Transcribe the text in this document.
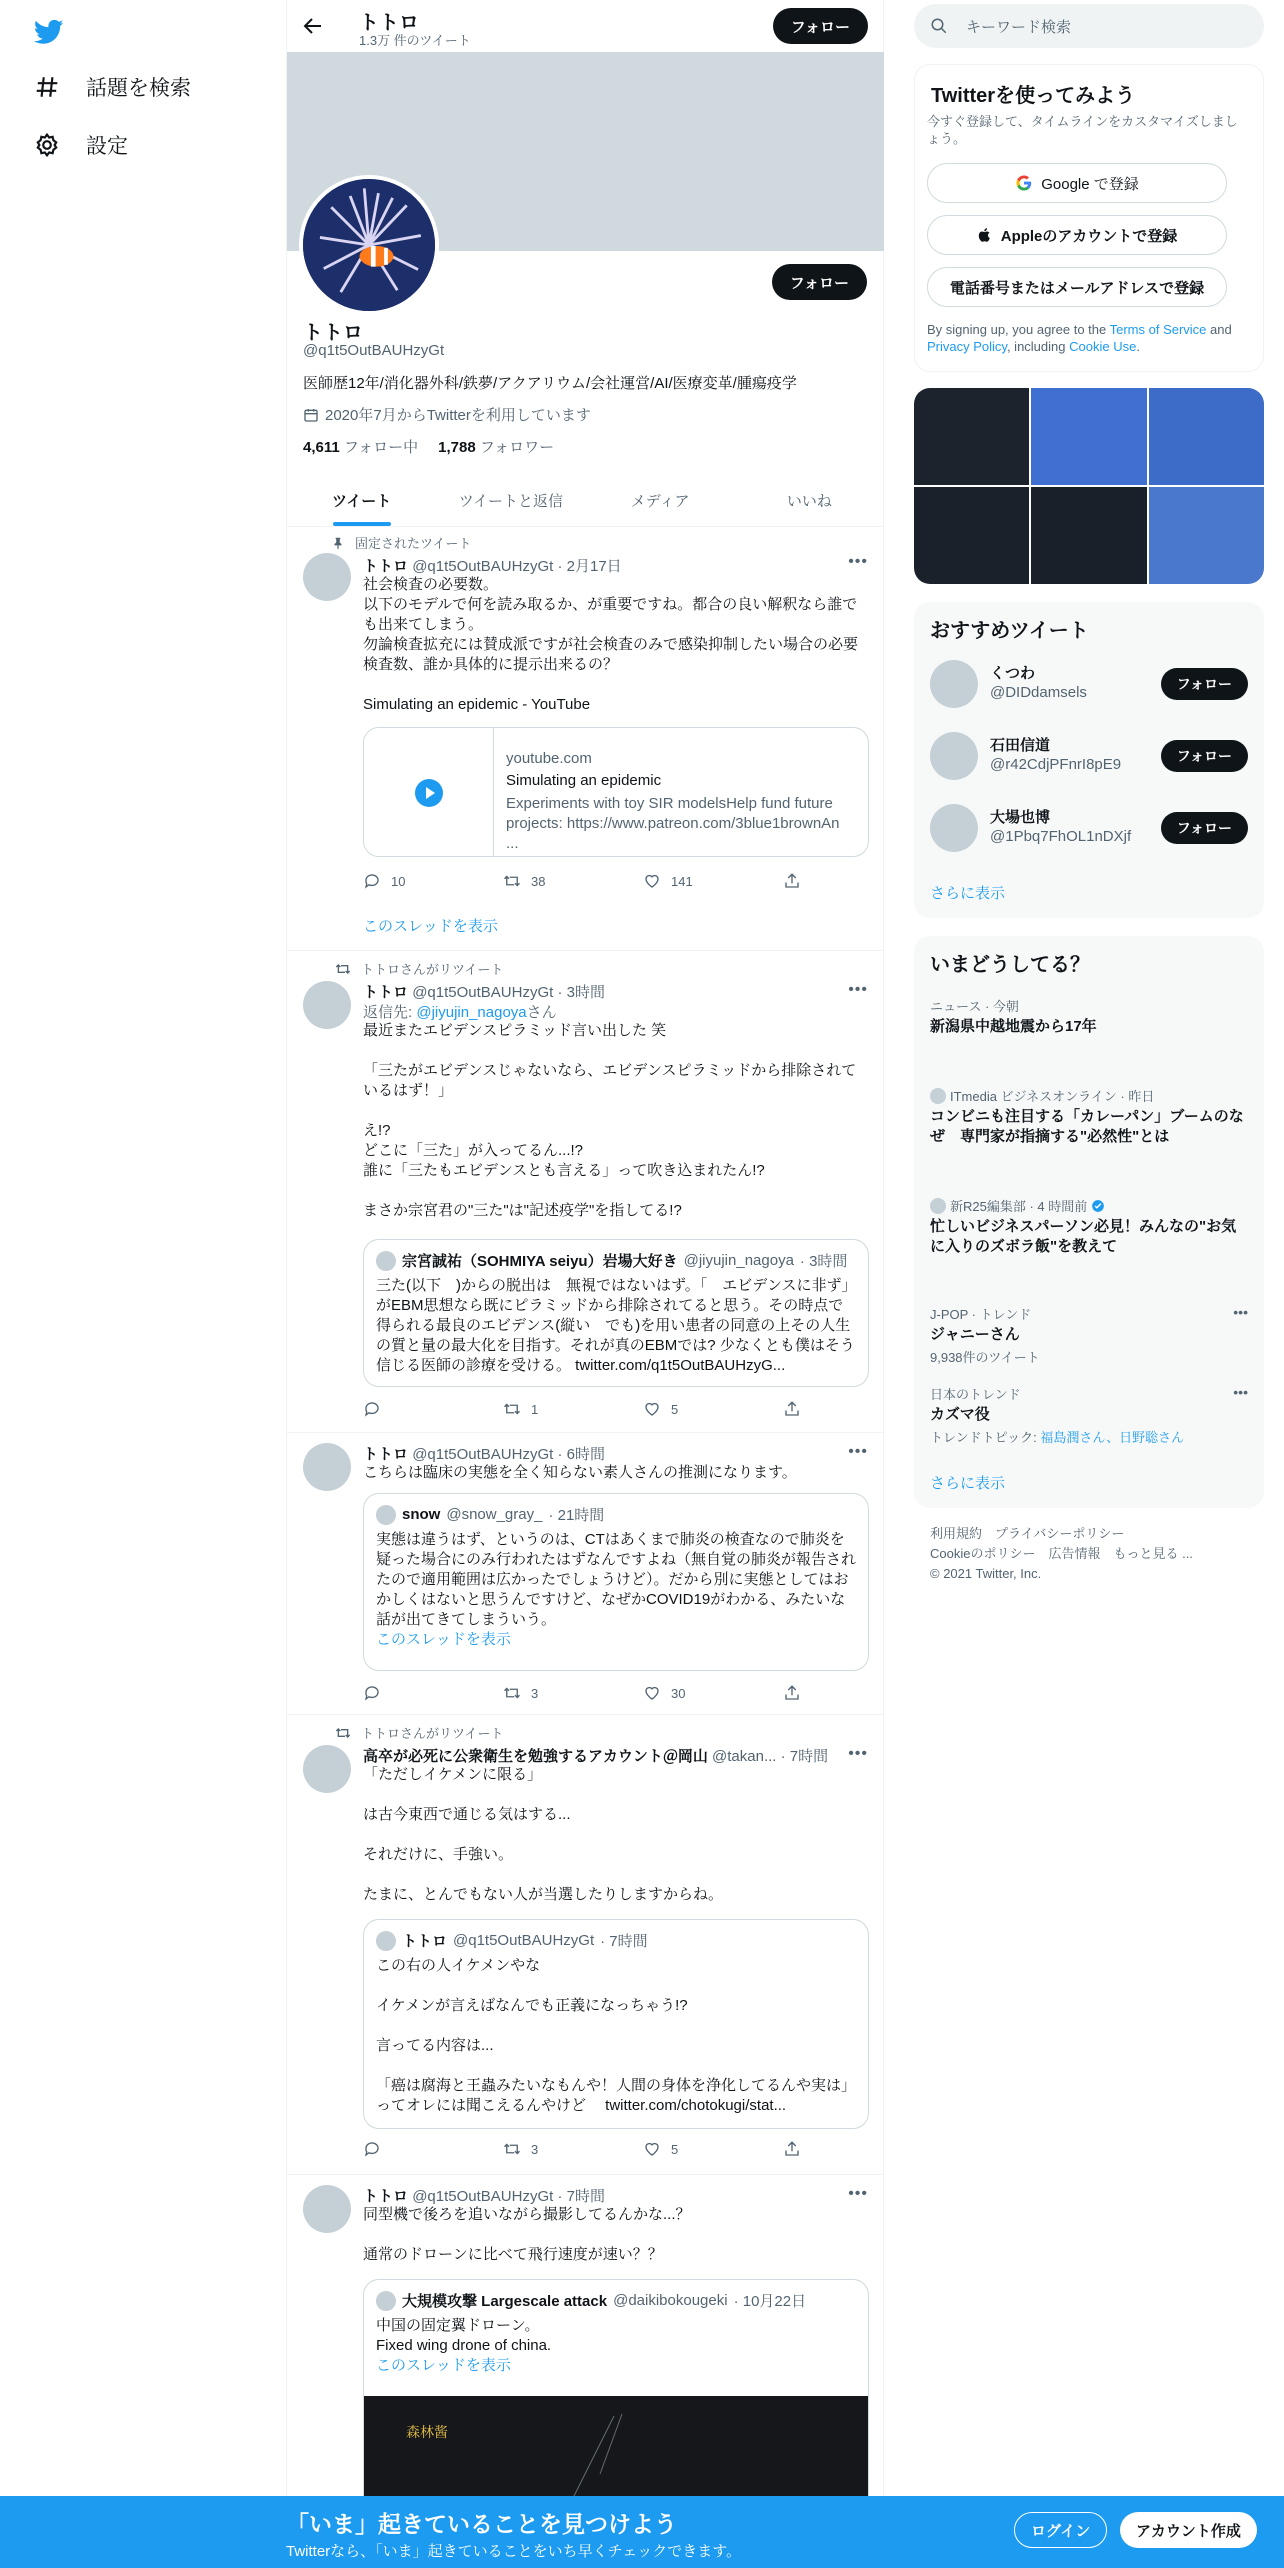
話題を検索
設定
トトロ
1.3万 件のツイート
フォロー
フォロー
トトロ
@q1t5OutBAUHzyGt
医師歴12年/消化器外科/鉄夢/アクアリウム/会社運営/AI/医療変革/腫瘍疫学
2020年7月からTwitterを利用しています
4,611 フォロー中 1,788 フォロワー
ツイート	ツイートと返信	メディア	いいね
固定されたツイート
トトロ @q1t5OutBAUHzyGt · 2月17日	•••
社会検査の必要数。
以下のモデルで何を読み取るか、が重要ですね。都合の良い解釈なら誰でも出来てしまう。
勿論検査拡充には賛成派ですが社会検査のみで感染抑制したい場合の必要検査数、誰か具体的に提示出来るの？

Simulating an epidemic - YouTube
youtube.com
Simulating an epidemic
Experiments with toy SIR modelsHelp fund future projects: https://www.patreon.com/3blue1brownAn ...
10	38	141
このスレッドを表示
トトロさんがリツイート
トトロ @q1t5OutBAUHzyGt · 3時間	•••
返信先: @jiyujin_nagoyaさん
最近またエビデンスピラミッド言い出した 笑

「三たがエビデンスじゃないなら、エビデンスピラミッドから排除されているはず！」

え!?
どこに「三た」が入ってるん...!?
誰に「三たもエビデンスとも言える」って吹き込まれたん!?

まさか宗宮君の"三た"は"記述疫学"を指してる!?
宗宮誠祐（SOHMIYA seiyu）岩場大好き @jiyujin_nagoya · 3時間
三た(以下　)からの脱出は　無視ではないはず。「　エビデンスに非ず」がEBM思想なら既にピラミッドから排除されてると思う。その時点で得られる最良のエビデンス(縦い　でも)を用い患者の同意の上その人生の質と量の最大化を目指す。それが真のEBMでは? 少なくとも僕はそう信じる医師の診療を受ける。 twitter.com/q1t5OutBAUHzyG...
1	5
トトロ @q1t5OutBAUHzyGt · 6時間	•••
こちらは臨床の実態を全く知らない素人さんの推測になります。
snow @snow_gray_ · 21時間
実態は違うはず、というのは、CTはあくまで肺炎の検査なので肺炎を疑った場合にのみ行われたはずなんですよね（無自覚の肺炎が報告されたので適用範囲は広かったでしょうけど）。だから別に実態としてはおかしくはないと思うんですけど、なぜかCOVID19がわかる、みたいな話が出てきてしまういう。
このスレッドを表示
3	30
トトロさんがリツイート
高卒が必死に公衆衛生を勉強するアカウント＠岡山 @takan... · 7時間 •••
「ただしイケメンに限る」

は古今東西で通じる気はする...

それだけに、手強い。

たまに、とんでもない人が当選したりしますからね。
トトロ @q1t5OutBAUHzyGt · 7時間
この右の人イケメンやな

イケメンが言えばなんでも正義になっちゃう!?

言ってる内容は...

「癌は腐海と王蟲みたいなもんや！人間の身体を浄化してるんや実は」ってオレには聞こえるんやけど　 twitter.com/chotokugi/stat...
3	5
トトロ @q1t5OutBAUHzyGt · 7時間	•••
同型機で後ろを追いながら撮影してるんかな...？

通常のドローンに比べて飛行速度が速い？？
大規模攻撃 Largescale attack @daikibokougeki · 10月22日
中国の固定翼ドローン。
Fixed wing drone of china.
このスレッドを表示
森林酱
キーワード検索
Twitterを使ってみよう
今すぐ登録して、タイムラインをカスタマイズしましょう。
Google で登録
Appleのアカウントで登録
電話番号またはメールアドレスで登録
By signing up, you agree to the Terms of Service and Privacy Policy, including Cookie Use.
おすすめツイート
くつわ
@DIDdamsels	フォロー
石田信道
@r42CdjPFnrI8pE9	フォロー
大場也博
@1Pbq7FhOL1nDXjf	フォロー
さらに表示
いまどうしてる？
ニュース · 今朝
新潟県中越地震から17年
ITmedia ビジネスオンライン · 昨日
コンビニも注目する「カレーパン」ブームのなぜ　専門家が指摘する"必然性"とは
新R25編集部 · 4 時間前
忙しいビジネスパーソン必見！みんなの"お気に入りのズボラ飯"を教えて
J-POP · トレンド
ジャニーさん
9,938件のツイート
•••
日本のトレンド
カズマ役
トレンドトピック: 福島潤さん、日野聡さん
•••
さらに表示
利用規約　プライバシーポリシー
Cookieのポリシー　広告情報　もっと見る ...
© 2021 Twitter, Inc.
「いま」起きていることを見つけよう
Twitterなら、「いま」起きていることをいち早くチェックできます。
ログイン	アカウント作成
